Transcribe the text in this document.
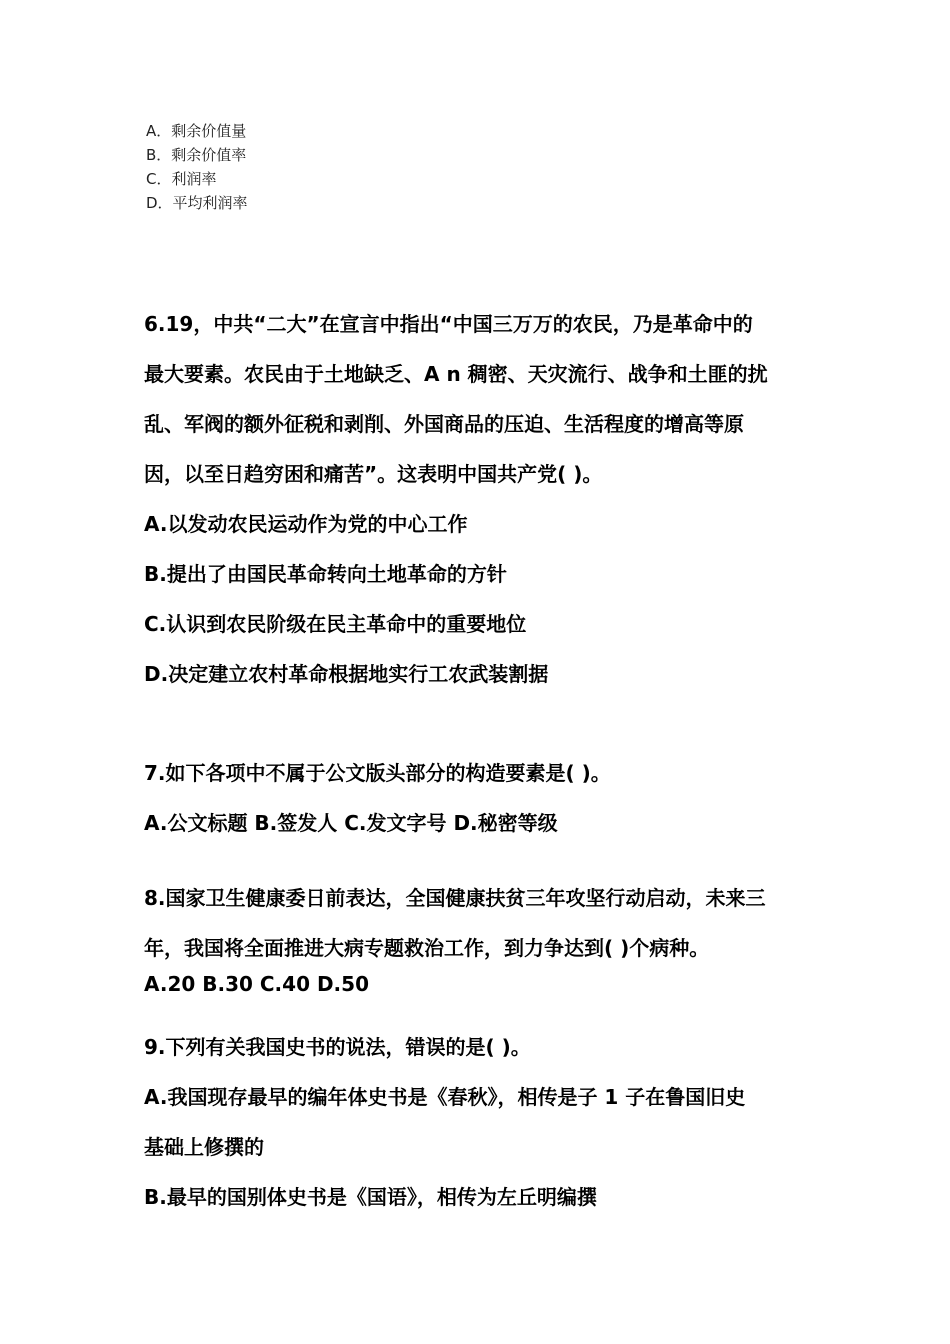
A．剩余价值量
B．剩余价值率
C．利润率
D．平均利润率
6.19，中共“二大”在宣言中指出“中国三万万的农民，乃是革命中的
最大要素。农民由于土地缺乏、A n 稠密、天灾流行、战争和土匪的扰
乱、军阀的额外征税和剥削、外国商品的压迫、生活程度的增高等原
因，以至日趋穷困和痛苦”。这表明中国共产党( )。
A.以发动农民运动作为党的中心工作
B.提出了由国民革命转向土地革命的方针
C.认识到农民阶级在民主革命中的重要地位
D.决定建立农村革命根据地实行工农武装割据
7.如下各项中不属于公文版头部分的构造要素是( )。
A.公文标题 B.签发人 C.发文字号 D.秘密等级
8.国家卫生健康委日前表达，全国健康扶贫三年攻坚行动启动，未来三
年，我国将全面推进大病专题救治工作，到力争达到( )个病种。
A.20 B.30 C.40 D.50
9.下列有关我国史书的说法，错误的是( )。
A.我国现存最早的编年体史书是《春秋》，相传是子 1 子在鲁国旧史
基础上修撰的
B.最早的国别体史书是《国语》，相传为左丘明编撰
